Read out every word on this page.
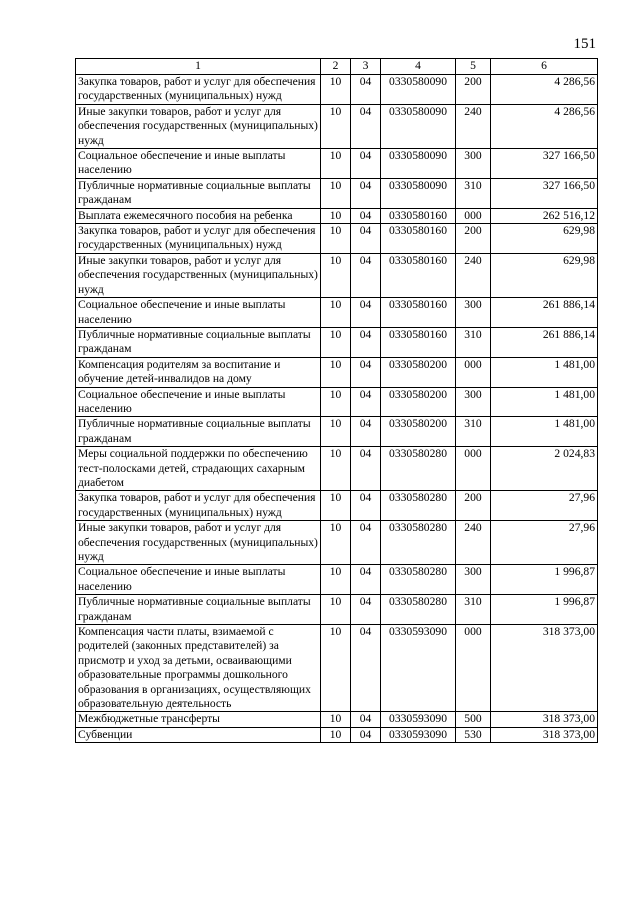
151
1	2	3	4	5	6
Закупка товаров, работ и услуг для обеспечения государственных (муниципальных) нужд	10	04	0330580090	200	4 286,56
Иные закупки товаров, работ и услуг для обеспечения государственных (муниципальных) нужд	10	04	0330580090	240	4 286,56
Социальное обеспечение и иные выплаты населению	10	04	0330580090	300	327 166,50
Публичные нормативные социальные выплаты гражданам	10	04	0330580090	310	327 166,50
Выплата ежемесячного пособия на ребенка	10	04	0330580160	000	262 516,12
Закупка товаров, работ и услуг для обеспечения государственных (муниципальных) нужд	10	04	0330580160	200	629,98
Иные закупки товаров, работ и услуг для обеспечения государственных (муниципальных) нужд	10	04	0330580160	240	629,98
Социальное обеспечение и иные выплаты населению	10	04	0330580160	300	261 886,14
Публичные нормативные социальные выплаты гражданам	10	04	0330580160	310	261 886,14
Компенсация родителям за воспитание и обучение детей-инвалидов на дому	10	04	0330580200	000	1 481,00
Социальное обеспечение и иные выплаты населению	10	04	0330580200	300	1 481,00
Публичные нормативные социальные выплаты гражданам	10	04	0330580200	310	1 481,00
Меры социальной поддержки по обеспечению тест-полосками детей, страдающих сахарным диабетом	10	04	0330580280	000	2 024,83
Закупка товаров, работ и услуг для обеспечения государственных (муниципальных) нужд	10	04	0330580280	200	27,96
Иные закупки товаров, работ и услуг для обеспечения государственных (муниципальных) нужд	10	04	0330580280	240	27,96
Социальное обеспечение и иные выплаты населению	10	04	0330580280	300	1 996,87
Публичные нормативные социальные выплаты гражданам	10	04	0330580280	310	1 996,87
Компенсация части платы, взимаемой с родителей (законных представителей) за присмотр и уход за детьми, осваивающими образовательные программы дошкольного образования в организациях, осуществляющих образовательную деятельность	10	04	0330593090	000	318 373,00
Межбюджетные трансферты	10	04	0330593090	500	318 373,00
Субвенции	10	04	0330593090	530	318 373,00
